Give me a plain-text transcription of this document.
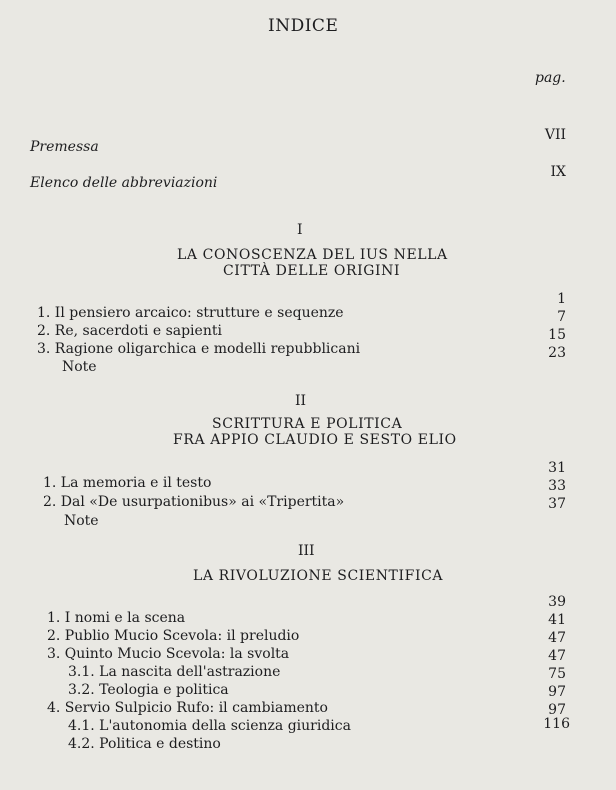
INDICE
pag.
Premessa
VII
Elenco delle abbreviazioni
IX
I
LA CONOSCENZA DEL IUS NELLA
CITTÀ DELLE ORIGINI
1. Il pensiero arcaico: strutture e sequenze
1
2. Re, sacerdoti e sapienti
7
3. Ragione oligarchica e modelli repubblicani
15
Note
23
II
SCRITTURA E POLITICA
FRA APPIO CLAUDIO E SESTO ELIO
1. La memoria e il testo
31
2. Dal «De usurpationibus» ai «Tripertita»
33
Note
37
III
LA RIVOLUZIONE SCIENTIFICA
1. I nomi e la scena
39
2. Publio Mucio Scevola: il preludio
41
3. Quinto Mucio Scevola: la svolta
47
3.1. La nascita dell'astrazione
47
3.2. Teologia e politica
75
4. Servio Sulpicio Rufo: il cambiamento
97
4.1. L'autonomia della scienza giuridica
97
4.2. Politica e destino
116
